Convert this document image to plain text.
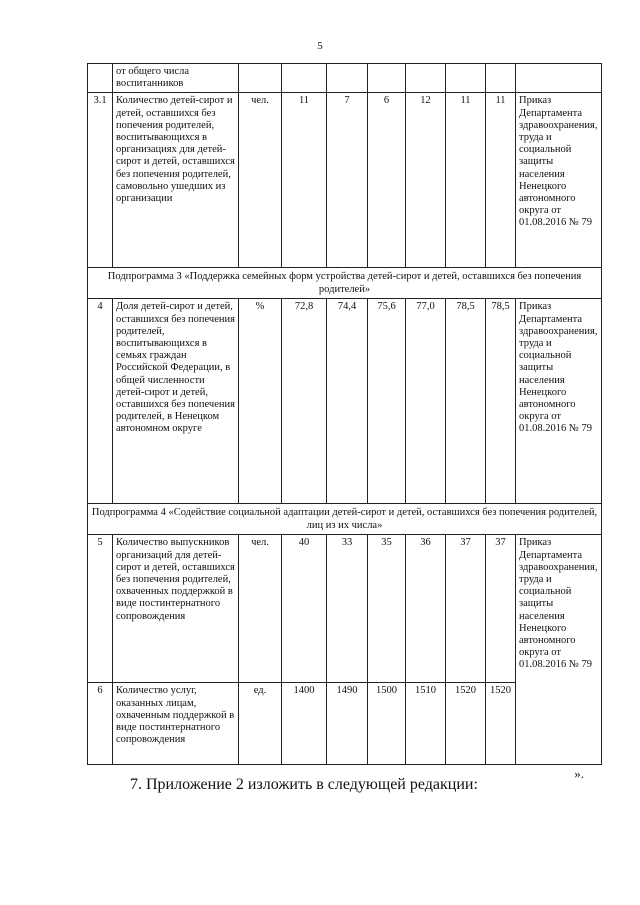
5
	от общего числа воспитанников								
3.1	Количество детей-сирот и детей, оставшихся без попечения родителей, воспитывающихся в организациях для детей-сирот и детей, оставшихся без попечения родителей, самовольно ушедших из организации	чел.	11	7	6	12	11	11	Приказ Департамента здравоохранения, труда и социальной защиты населения Ненецкого автономного округа от 01.08.2016 № 79
Подпрограмма 3 «Поддержка семейных форм устройства детей-сирот и детей, оставшихся без попечения родителей»									
4	Доля детей-сирот и детей, оставшихся без попечения родителей, воспитывающихся в семьях граждан Российской Федерации, в общей численности детей-сирот и детей, оставшихся без попечения родителей, в Ненецком автономном округе	%	72,8	74,4	75,6	77,0	78,5	78,5	Приказ Департамента здравоохранения, труда и социальной защиты населения Ненецкого автономного округа от 01.08.2016 № 79
Подпрограмма 4 «Содействие социальной адаптации детей-сирот и детей, оставшихся без попечения родителей, лиц из их числа»									
5	Количество выпускников организаций для детей-сирот и детей, оставшихся без попечения родителей, охваченных поддержкой в виде постинтернатного сопровождения	чел.	40	33	35	36	37	37	Приказ Департамента здравоохранения, труда и социальной защиты населения Ненецкого автономного округа от 01.08.2016 № 79
6	Количество услуг, оказанных лицам, охваченным поддержкой в виде постинтернатного сопровождения	ед.	1400	1490	1500	1510	1520	1520	
».
7. Приложение 2 изложить в следующей редакции:
